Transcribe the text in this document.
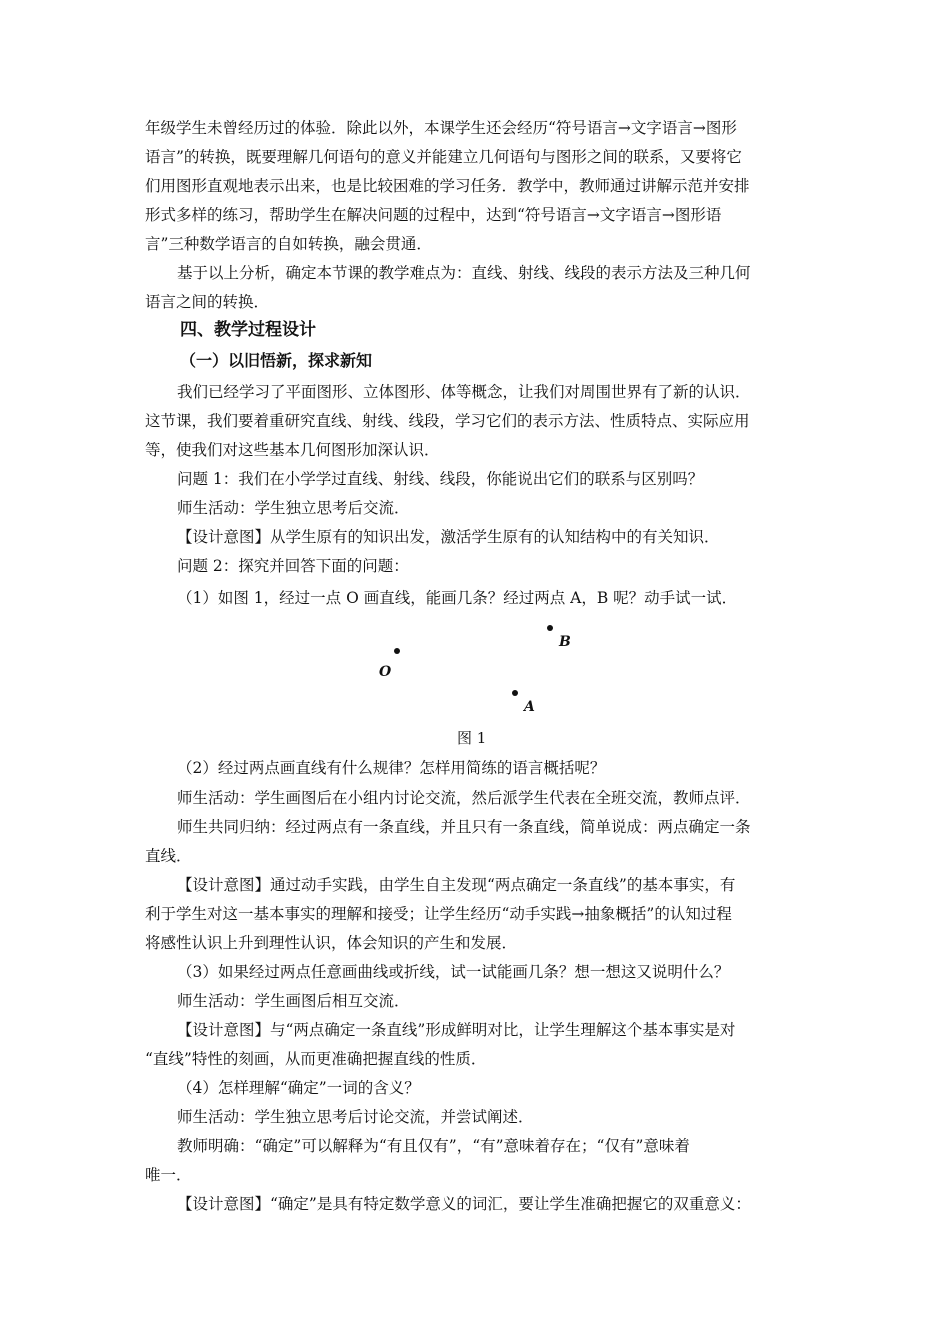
年级学生未曾经历过的体验．除此以外，本课学生还会经历“符号语言→文字语言→图形
语言”的转换，既要理解几何语句的意义并能建立几何语句与图形之间的联系，又要将它
们用图形直观地表示出来，也是比较困难的学习任务．教学中，教师通过讲解示范并安排
形式多样的练习，帮助学生在解决问题的过程中，达到“符号语言→文字语言→图形语
言”三种数学语言的自如转换，融会贯通．
基于以上分析，确定本节课的教学难点为：直线、射线、线段的表示方法及三种几何
语言之间的转换．
四、教学过程设计
（一）以旧悟新，探求新知
我们已经学习了平面图形、立体图形、体等概念，让我们对周围世界有了新的认识．
这节课，我们要着重研究直线、射线、线段，学习它们的表示方法、性质特点、实际应用
等，使我们对这些基本几何图形加深认识．
问题 1：我们在小学学过直线、射线、线段，你能说出它们的联系与区别吗？
师生活动：学生独立思考后交流．
【设计意图】从学生原有的知识出发，激活学生原有的认知结构中的有关知识．
问题 2：探究并回答下面的问题：
（1）如图 1，经过一点 O 画直线，能画几条？经过两点 A，B 呢？动手试一试．
O
B
A
图 1
（2）经过两点画直线有什么规律？怎样用简练的语言概括呢？
师生活动：学生画图后在小组内讨论交流，然后派学生代表在全班交流，教师点评．
师生共同归纳：经过两点有一条直线，并且只有一条直线，简单说成：两点确定一条
直线．
【设计意图】通过动手实践，由学生自主发现“两点确定一条直线”的基本事实，有
利于学生对这一基本事实的理解和接受；让学生经历“动手实践→抽象概括”的认知过程
将感性认识上升到理性认识，体会知识的产生和发展．
（3）如果经过两点任意画曲线或折线，试一试能画几条？想一想这又说明什么？
师生活动：学生画图后相互交流．
【设计意图】与“两点确定一条直线”形成鲜明对比，让学生理解这个基本事实是对
“直线”特性的刻画，从而更准确把握直线的性质．
（4）怎样理解“确定”一词的含义？
师生活动：学生独立思考后讨论交流，并尝试阐述．
教师明确：“确定”可以解释为“有且仅有”，“有”意味着存在；“仅有”意味着
唯一．
【设计意图】“确定”是具有特定数学意义的词汇，要让学生准确把握它的双重意义：
